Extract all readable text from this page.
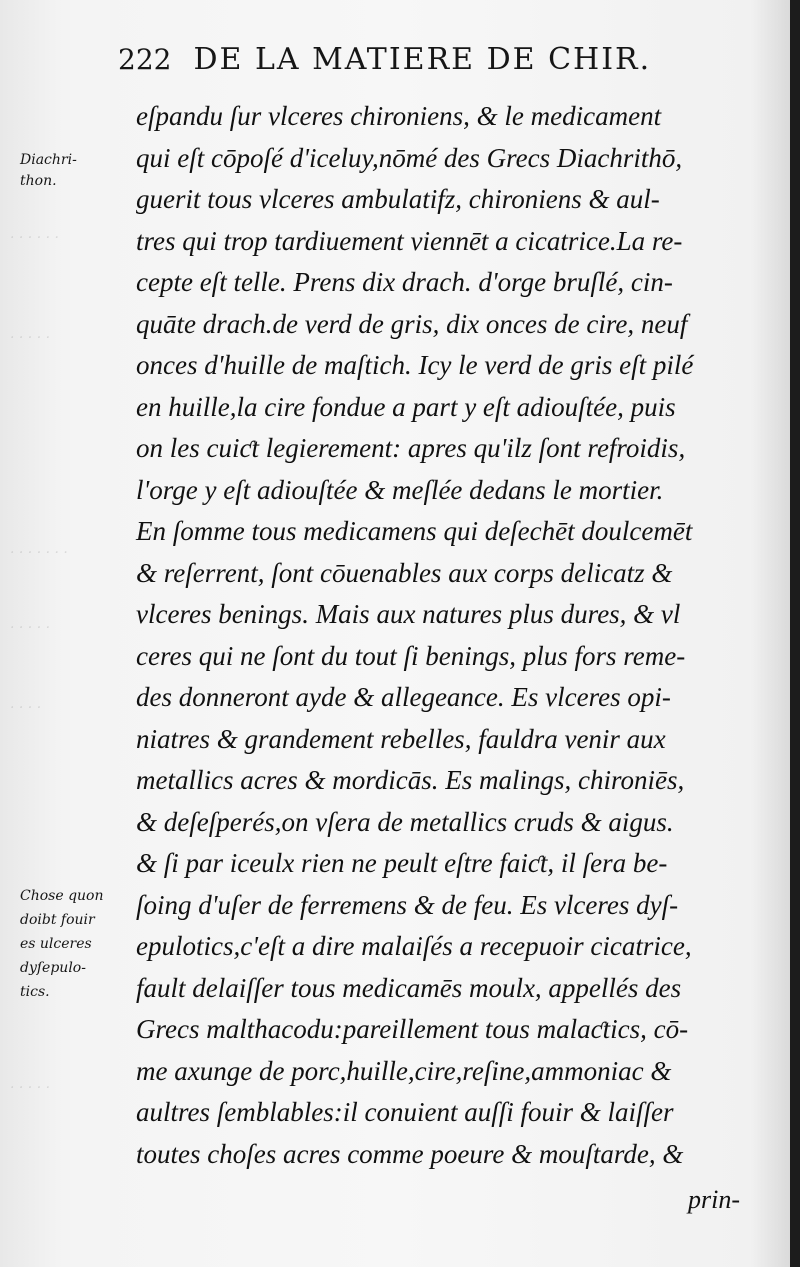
· · · · · ·
· · · · ·
· · · · · · ·
· · · · ·
· · · ·
· · · · ·
222 DE LA MATIERE DE CHIR.
Diachri-
thon.
Chose quon
doibt fouir
es ulceres
dyſepulo-
tics.
eſpandu ſur vlceres chironiens, & le medicament
qui eſt cōpoſé d'iceluy,nōmé des Grecs Diachrithō,
guerit tous vlceres ambulatifz, chironiens & aul-
tres qui trop tardiuement viennēt a cicatrice.La re-
cepte eſt telle. Prens dix drach. d'orge bruſlé, cin-
quāte drach.de verd de gris, dix onces de cire, neuf
onces d'huille de maſtich. Icy le verd de gris eſt pilé
en huille,la cire fondue a part y eſt adiouſtée, puis
on les cuiƈt legierement: apres qu'ilz ſont refroidis,
l'orge y eſt adiouſtée & meſlée dedans le mortier.
En ſomme tous medicamens qui deſechēt doulcemēt
& reſerrent, ſont cōuenables aux corps delicatz &
vlceres benings. Mais aux natures plus dures, & vl
ceres qui ne ſont du tout ſi benings, plus fors reme-
des donneront ayde & allegeance. Es vlceres opi-
niatres & grandement rebelles, fauldra venir aux
metallics acres & mordicās. Es malings, chironiēs,
& deſeſperés,on vſera de metallics cruds & aigus.
& ſi par iceulx rien ne peult eſtre faiƈt, il ſera be-
ſoing d'uſer de ferremens & de feu. Es vlceres dyſ-
epulotics,c'eſt a dire malaiſés a recepuoir cicatrice,
fault delaiſſer tous medicamēs moulx, appellés des
Grecs malthacodu:pareillement tous malaƈtics, cō-
me axunge de porc,huille,cire,reſine,ammoniac &
aultres ſemblables:il conuient auſſi fouir & laiſſer
toutes choſes acres comme poeure & mouſtarde, &
prin-
